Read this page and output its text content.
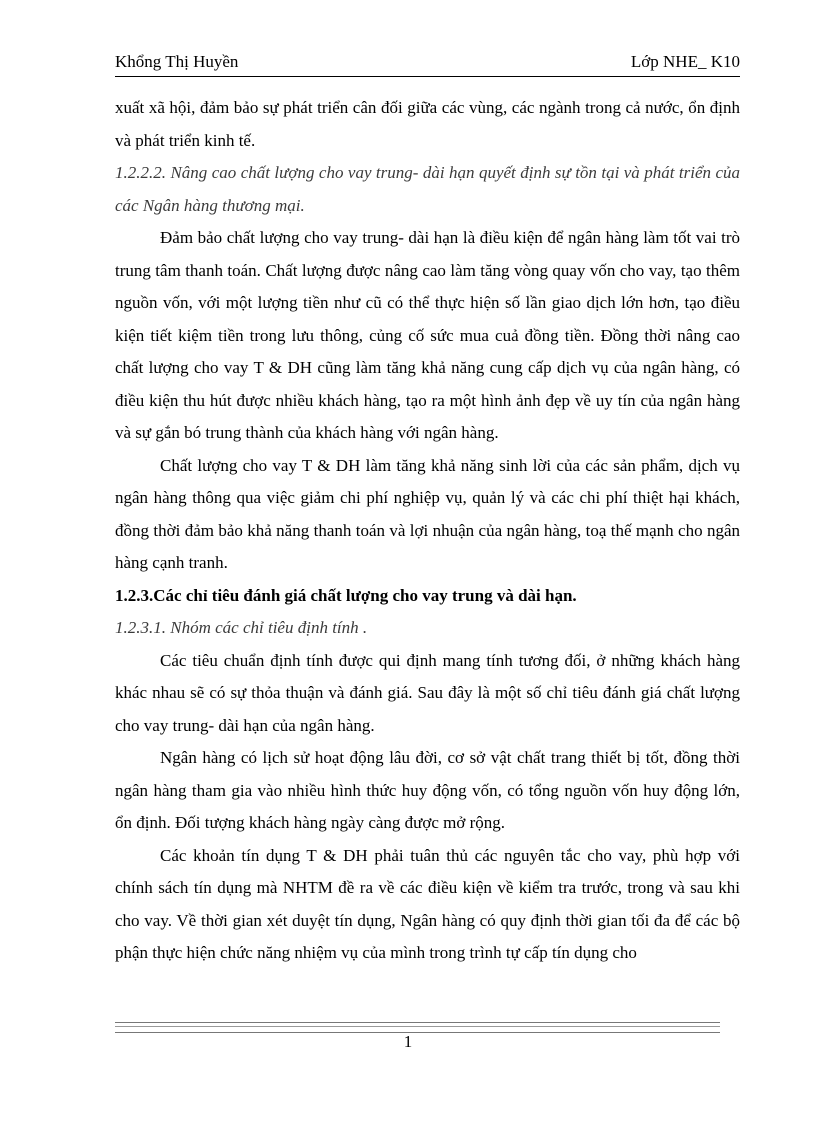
Khổng Thị Huyền	Lớp NHE_ K10

xuất xã hội, đảm bảo sự phát triển cân đối giữa các vùng, các ngành trong cả nước, ổn định và phát triển kinh tế.

1.2.2.2. Nâng cao chất lượng cho vay trung- dài hạn quyết định sự tồn tại và phát triển của các Ngân hàng thương mại.

Đảm bảo chất lượng cho vay trung- dài hạn là điều kiện để ngân hàng làm tốt vai trò trung tâm thanh toán. Chất lượng được nâng cao làm tăng vòng quay vốn cho vay, tạo thêm nguồn vốn, với một lượng tiền như cũ có thể thực hiện số lần giao dịch lớn hơn, tạo điều kiện tiết kiệm tiền trong lưu thông, củng cố sức mua cuả đồng tiền. Đồng thời nâng cao chất lượng cho vay T & DH cũng làm tăng khả năng cung cấp dịch vụ của ngân hàng, có điều kiện thu hút được nhiều khách hàng, tạo ra một hình ảnh đẹp về uy tín của ngân hàng và sự gắn bó trung thành của khách hàng với ngân hàng.

Chất lượng cho vay T & DH làm tăng khả năng sinh lời của các sản phẩm, dịch vụ ngân hàng thông qua việc giảm chi phí nghiệp vụ, quản lý và các chi phí thiệt hại khách, đồng thời đảm bảo khả năng thanh toán và lợi nhuận của ngân hàng, toạ thế mạnh cho ngân hàng cạnh tranh.

1.2.3.Các chỉ tiêu đánh giá chất lượng cho vay trung và dài hạn.

1.2.3.1. Nhóm các chỉ tiêu định tính .

Các tiêu chuẩn định tính được qui định mang tính tương đối, ở những khách hàng khác nhau sẽ có sự thỏa thuận và đánh giá. Sau đây là một số chỉ tiêu đánh giá chất lượng cho vay trung- dài hạn của ngân hàng.

Ngân hàng có lịch sử hoạt động lâu đời, cơ sở vật chất trang thiết bị tốt, đồng thời ngân hàng tham gia vào nhiều hình thức huy động vốn, có tổng nguồn vốn huy động lớn, ổn định. Đối tượng khách hàng ngày càng được mở rộng.

Các khoản tín dụng T & DH phải tuân thủ các nguyên tắc cho vay, phù hợp với chính sách tín dụng mà NHTM đề ra về các điều kiện về kiểm tra trước, trong và sau khi cho vay. Về thời gian xét duyệt tín dụng, Ngân hàng có quy định thời gian tối đa để các bộ phận thực hiện chức năng nhiệm vụ của mình trong trình tự cấp tín dụng cho

1
